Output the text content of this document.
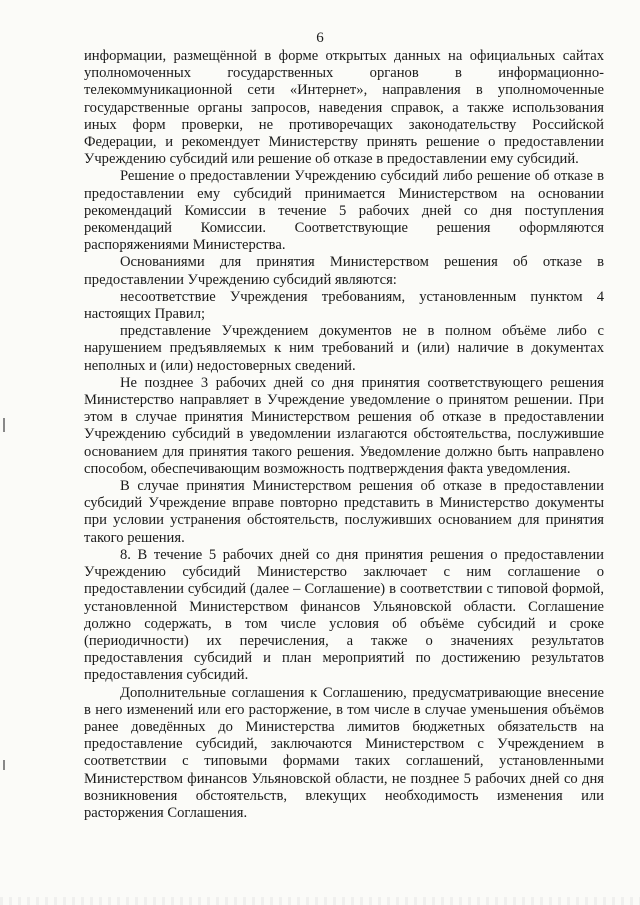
6

информации, размещённой в форме открытых данных на официальных сайтах уполномоченных государственных органов в информационно-телекоммуникационной сети «Интернет», направления в уполномоченные государственные органы запросов, наведения справок, а также использования иных форм проверки, не противоречащих законодательству Российской Федерации, и рекомендует Министерству принять решение о предоставлении Учреждению субсидий или решение об отказе в предоставлении ему субсидий.

Решение о предоставлении Учреждению субсидий либо решение об отказе в предоставлении ему субсидий принимается Министерством на основании рекомендаций Комиссии в течение 5 рабочих дней со дня поступления рекомендаций Комиссии. Соответствующие решения оформляются распоряжениями Министерства.

Основаниями для принятия Министерством решения об отказе в предоставлении Учреждению субсидий являются:

несоответствие Учреждения требованиям, установленным пунктом 4 настоящих Правил;

представление Учреждением документов не в полном объёме либо с нарушением предъявляемых к ним требований и (или) наличие в документах неполных и (или) недостоверных сведений.

Не позднее 3 рабочих дней со дня принятия соответствующего решения Министерство направляет в Учреждение уведомление о принятом решении. При этом в случае принятия Министерством решения об отказе в предоставлении Учреждению субсидий в уведомлении излагаются обстоятельства, послужившие основанием для принятия такого решения. Уведомление должно быть направлено способом, обеспечивающим возможность подтверждения факта уведомления.

В случае принятия Министерством решения об отказе в предоставлении субсидий Учреждение вправе повторно представить в Министерство документы при условии устранения обстоятельств, послуживших основанием для принятия такого решения.

8. В течение 5 рабочих дней со дня принятия решения о предоставлении Учреждению субсидий Министерство заключает с ним соглашение о предоставлении субсидий (далее – Соглашение) в соответствии с типовой формой, установленной Министерством финансов Ульяновской области. Соглашение должно содержать, в том числе условия об объёме субсидий и сроке (периодичности) их перечисления, а также о значениях результатов предоставления субсидий и план мероприятий по достижению результатов предоставления субсидий.

Дополнительные соглашения к Соглашению, предусматривающие внесение в него изменений или его расторжение, в том числе в случае уменьшения объёмов ранее доведённых до Министерства лимитов бюджетных обязательств на предоставление субсидий, заключаются Министерством с Учреждением в соответствии с типовыми формами таких соглашений, установленными Министерством финансов Ульяновской области, не позднее 5 рабочих дней со дня возникновения обстоятельств, влекущих необходимость изменения или расторжения Соглашения.
